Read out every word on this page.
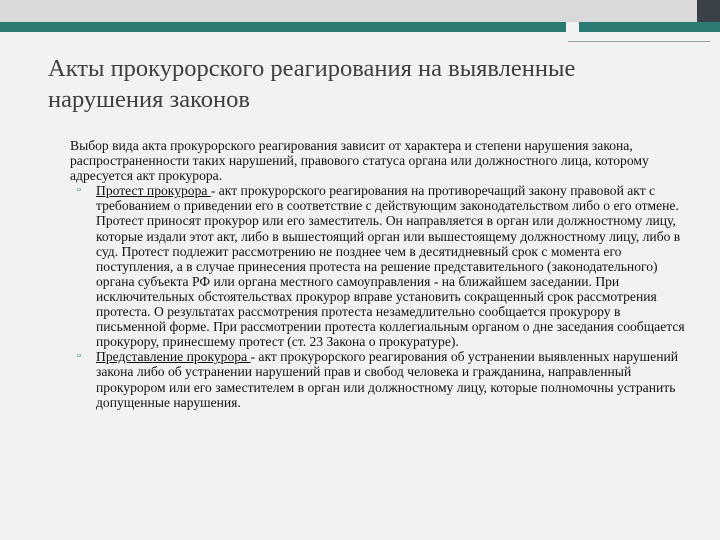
Акты прокурорского реагирования на выявленные
нарушения законов

Выбор вида акта прокурорского реагирования зависит от характера и степени нарушения закона, распространенности таких нарушений, правового статуса органа или должностного лица, которому адресуется акт прокурора.

▫ Протест прокурора - акт прокурорского реагирования на противоречащий закону правовой акт с требованием о приведении его в соответствие с действующим законодательством либо о его отмене. Протест приносят прокурор или его заместитель. Он направляется в орган или должностному лицу, которые издали этот акт, либо в вышестоящий орган или вышестоящему должностному лицу, либо в суд. Протест подлежит рассмотрению не позднее чем в десятидневный срок с момента его поступления, а в случае принесения протеста на решение представительного (законодательного) органа субъекта РФ или органа местного самоуправления - на ближайшем заседании. При исключительных обстоятельствах прокурор вправе установить сокращенный срок рассмотрения протеста. О результатах рассмотрения протеста незамедлительно сообщается прокурору в письменной форме. При рассмотрении протеста коллегиальным органом о дне заседания сообщается прокурору, принесшему протест (ст. 23 Закона о прокуратуре).
▫ Представление прокурора - акт прокурорского реагирования об устранении выявленных нарушений закона либо об устранении нарушений прав и свобод человека и гражданина, направленный прокурором или его заместителем в орган или должностному лицу, которые полномочны устранить допущенные нарушения.
